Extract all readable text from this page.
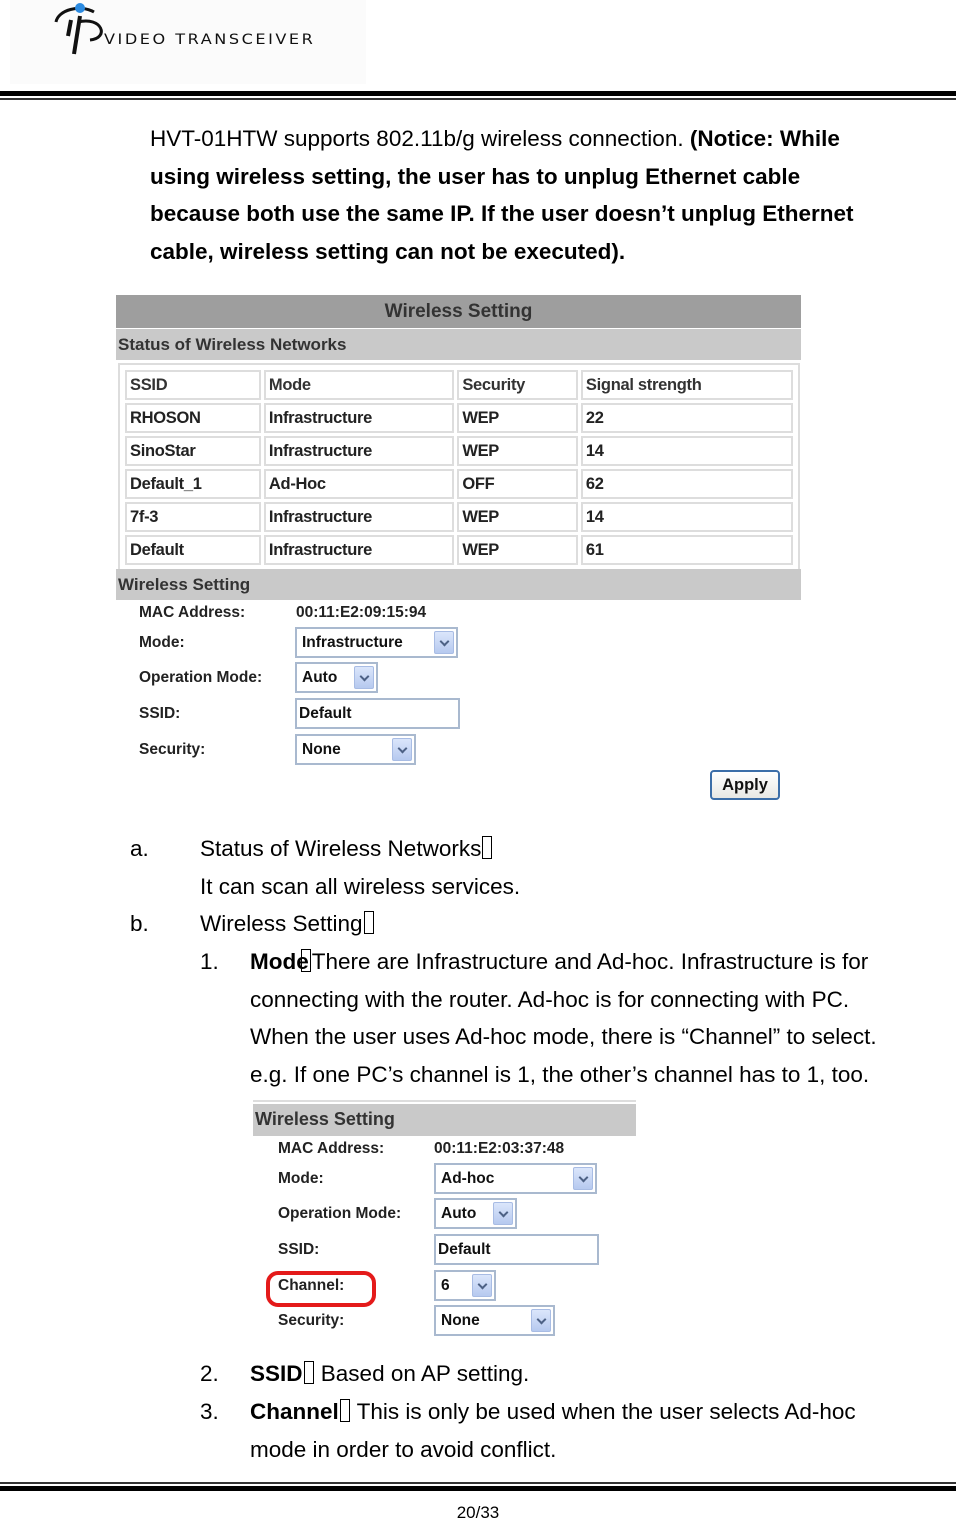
VIDEO TRANSCEIVER
HVT-01HTW supports 802.11b/g wireless connection. (Notice: While
using wireless setting, the user has to unplug Ethernet cable
because both use the same IP. If the user doesn’t unplug Ethernet
cable, wireless setting can not be executed).
Wireless Setting
Status of Wireless Networks
SSID	Mode	Security	Signal strength
RHOSON	Infrastructure	WEP	22
SinoStar	Infrastructure	WEP	14
Default_1	Ad-Hoc	OFF	62
7f-3	Infrastructure	WEP	14
Default	Infrastructure	WEP	61
Wireless Setting
MAC Address:	00:11:E2:09:15:94
Mode:	Infrastructure
Operation Mode:	Auto
SSID:	Default
Security:	None
Apply
a. Status of Wireless Networks
It can scan all wireless services.
b. Wireless Setting
1. Mode There are Infrastructure and Ad-hoc. Infrastructure is for
connecting with the router. Ad-hoc is for connecting with PC.
When the user uses Ad-hoc mode, there is “Channel” to select.
e.g. If one PC’s channel is 1, the other’s channel has to 1, too.
Wireless Setting
MAC Address:	00:11:E2:03:37:48
Mode:	Ad-hoc
Operation Mode:	Auto
SSID:	Default
Channel:	6
Security:	None
2. SSID Based on AP setting.
3. Channel This is only be used when the user selects Ad-hoc
mode in order to avoid conflict.
20/33
